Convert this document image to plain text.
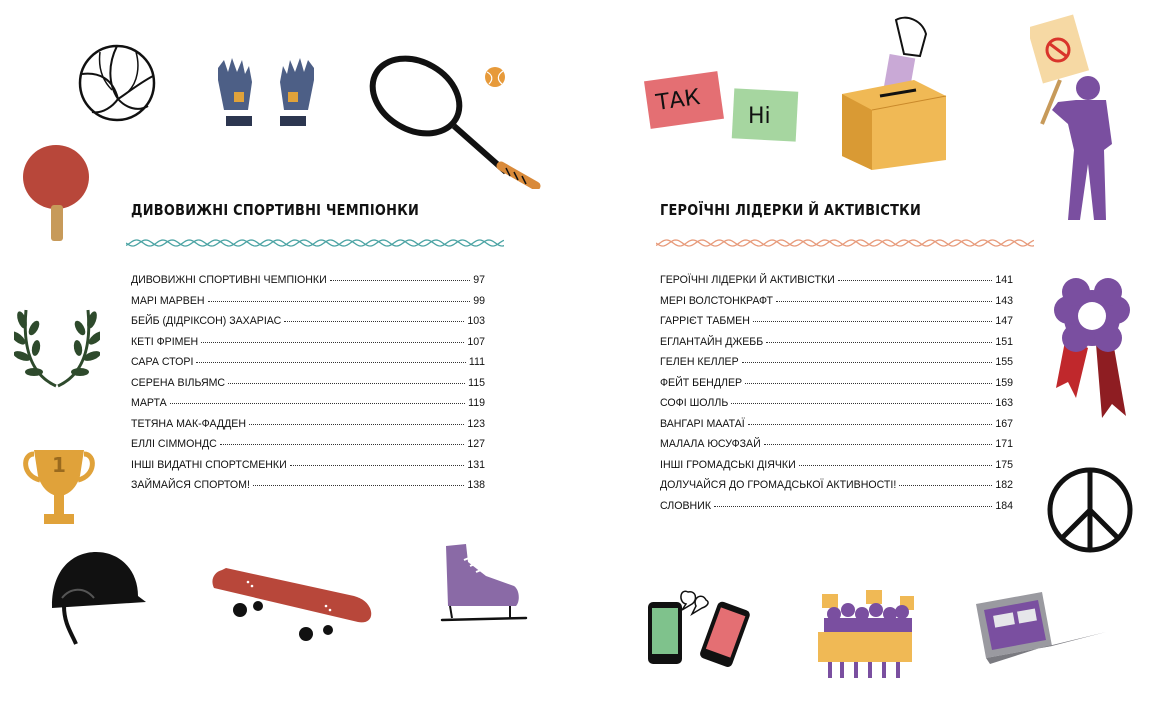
1
ДИВОВИЖНІ СПОРТИВНІ ЧЕМПІОНКИ
ДИВОВИЖНІ СПОРТИВНІ ЧЕМПІОНКИ	97
МАРІ МАРВЕН	99
БЕЙБ (ДІДРІКСОН) ЗАХАРІАС	103
КЕТІ ФРІМЕН	107
САРА СТОРІ	111
СЕРЕНА ВІЛЬЯМС	115
МАРТА	119
ТЕТЯНА МАК-ФАДДЕН	123
ЕЛЛІ СІММОНДС	127
ІНШІ ВИДАТНІ СПОРТСМЕНКИ	131
ЗАЙМАЙСЯ СПОРТОМ!	138
ТАК
Ні
ГЕРОЇЧНІ ЛІДЕРКИ Й АКТИВІСТКИ
ГЕРОЇЧНІ ЛІДЕРКИ Й АКТИВІСТКИ	141
МЕРІ ВОЛСТОНКРАФТ	143
ГАРРІЄТ ТАБМЕН	147
ЕГЛАНТАЙН ДЖЕББ	151
ГЕЛЕН КЕЛЛЕР	155
ФЕЙТ БЕНДЛЕР	159
СОФІ ШОЛЛЬ	163
ВАНГАРІ МААТАЇ	167
МАЛАЛА ЮСУФЗАЙ	171
ІНШІ ГРОМАДСЬКІ ДІЯЧКИ	175
ДОЛУЧАЙСЯ ДО ГРОМАДСЬКОЇ АКТИВНОСТІ!	182
СЛОВНИК	184
